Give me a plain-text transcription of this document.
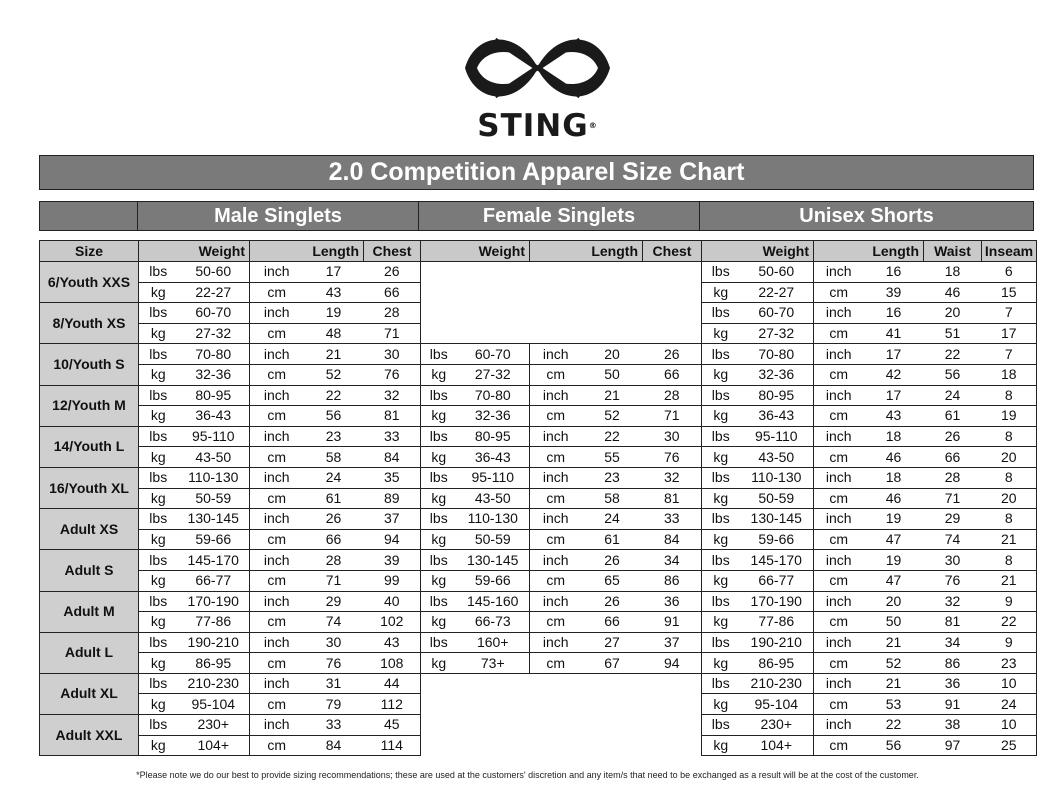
STING®
2.0 Competition Apparel Size Chart
Male Singlets	Female Singlets	Unisex Shorts
Size	Weight		Length		Chest	Weight		Length		Chest	Weight		Length		Waist	Inseam
6/Youth XXS	lbs	50-60	inch	17	26						lbs	50-60	inch	16	18	6
	kg	22-27	cm	43	66						kg	22-27	cm	39	46	15
8/Youth XS	lbs	60-70	inch	19	28						lbs	60-70	inch	16	20	7
	kg	27-32	cm	48	71						kg	27-32	cm	41	51	17
10/Youth S	lbs	70-80	inch	21	30	lbs	60-70	inch	20	26	lbs	70-80	inch	17	22	7
	kg	32-36	cm	52	76	kg	27-32	cm	50	66	kg	32-36	cm	42	56	18
12/Youth M	lbs	80-95	inch	22	32	lbs	70-80	inch	21	28	lbs	80-95	inch	17	24	8
	kg	36-43	cm	56	81	kg	32-36	cm	52	71	kg	36-43	cm	43	61	19
14/Youth L	lbs	95-110	inch	23	33	lbs	80-95	inch	22	30	lbs	95-110	inch	18	26	8
	kg	43-50	cm	58	84	kg	36-43	cm	55	76	kg	43-50	cm	46	66	20
16/Youth XL	lbs	110-130	inch	24	35	lbs	95-110	inch	23	32	lbs	110-130	inch	18	28	8
	kg	50-59	cm	61	89	kg	43-50	cm	58	81	kg	50-59	cm	46	71	20
Adult XS	lbs	130-145	inch	26	37	lbs	110-130	inch	24	33	lbs	130-145	inch	19	29	8
	kg	59-66	cm	66	94	kg	50-59	cm	61	84	kg	59-66	cm	47	74	21
Adult S	lbs	145-170	inch	28	39	lbs	130-145	inch	26	34	lbs	145-170	inch	19	30	8
	kg	66-77	cm	71	99	kg	59-66	cm	65	86	kg	66-77	cm	47	76	21
Adult M	lbs	170-190	inch	29	40	lbs	145-160	inch	26	36	lbs	170-190	inch	20	32	9
	kg	77-86	cm	74	102	kg	66-73	cm	66	91	kg	77-86	cm	50	81	22
Adult L	lbs	190-210	inch	30	43	lbs	160+	inch	27	37	lbs	190-210	inch	21	34	9
	kg	86-95	cm	76	108	kg	73+	cm	67	94	kg	86-95	cm	52	86	23
Adult XL	lbs	210-230	inch	31	44						lbs	210-230	inch	21	36	10
	kg	95-104	cm	79	112						kg	95-104	cm	53	91	24
Adult XXL	lbs	230+	inch	33	45						lbs	230+	inch	22	38	10
	kg	104+	cm	84	114						kg	104+	cm	56	97	25
*Please note we do our best to provide sizing recommendations; these are used at the customers' discretion and any item/s that need to be exchanged as a result will be at the cost of the customer.
